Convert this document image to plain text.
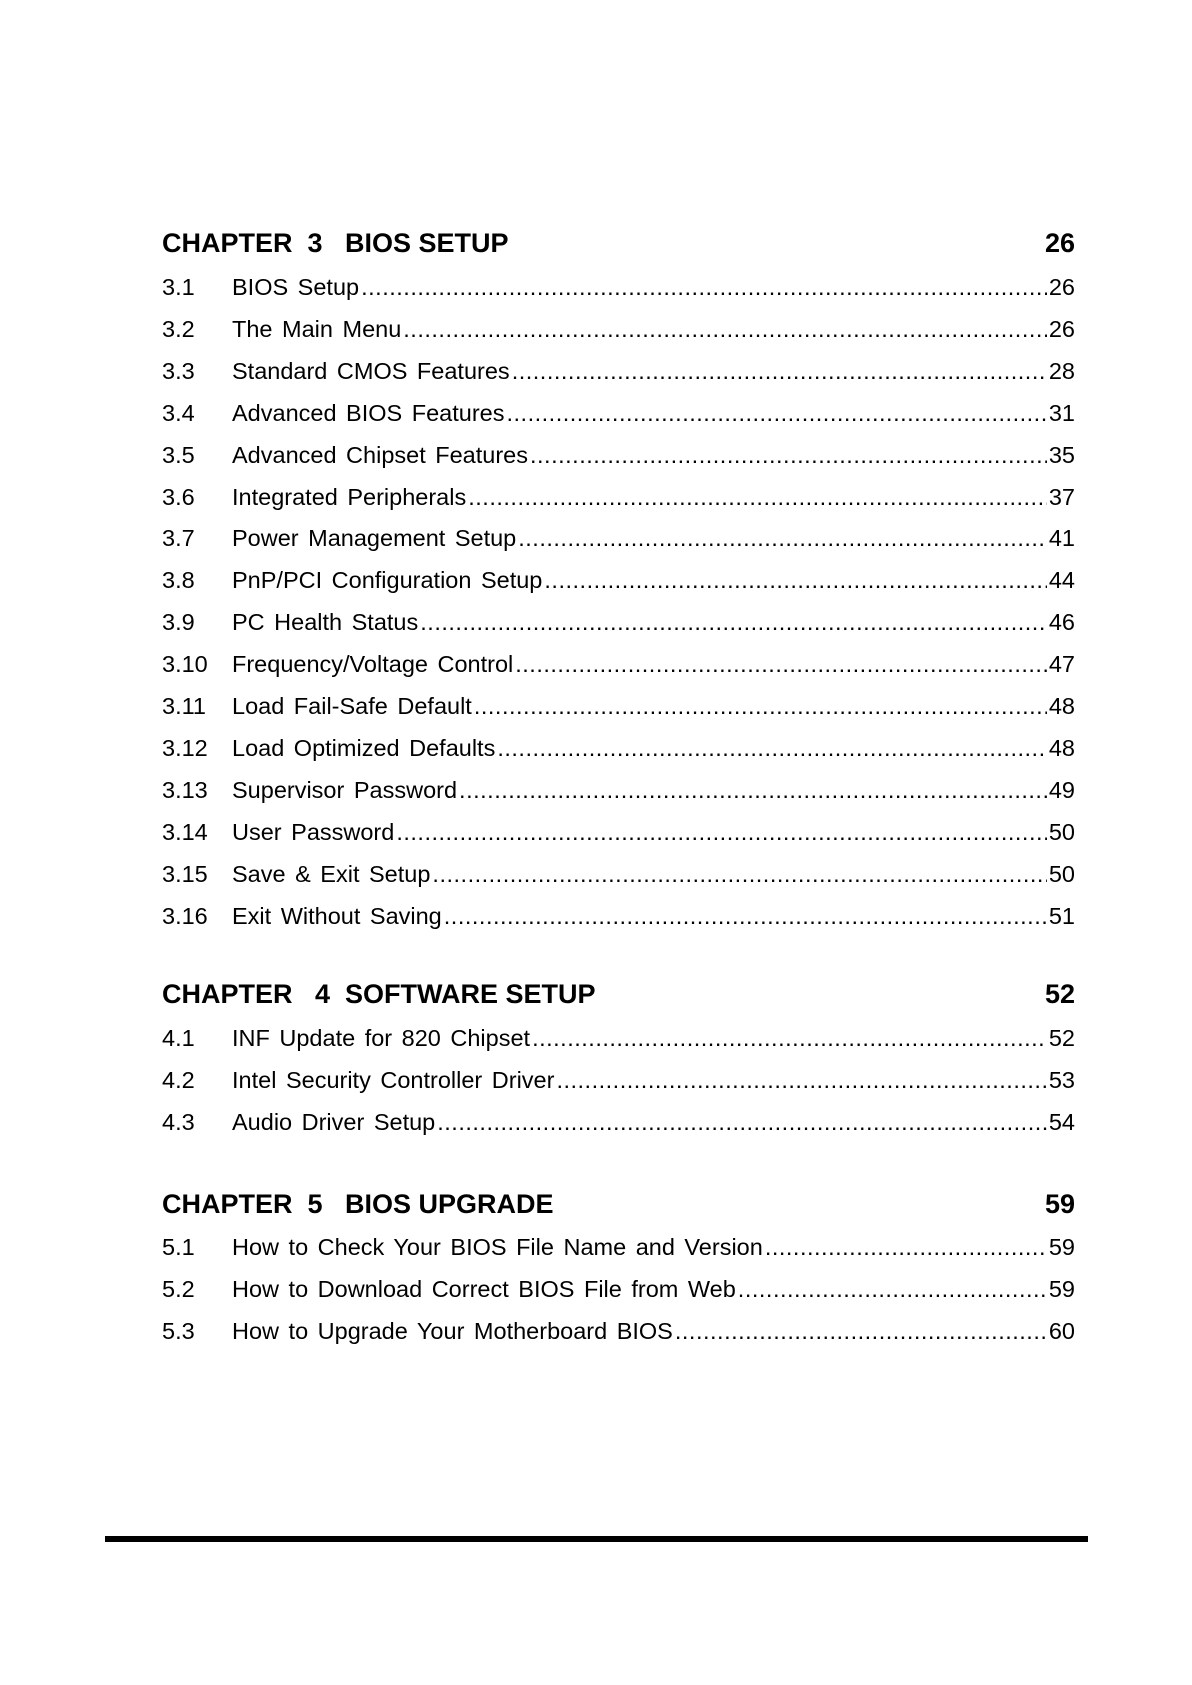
CHAPTER  3   BIOS SETUP	26
3.1	BIOS Setup .....	26
3.2	The Main Menu .....	26
3.3	Standard CMOS Features .....	28
3.4	Advanced BIOS Features .....	31
3.5	Advanced Chipset Features .....	35
3.6	Integrated Peripherals .....	37
3.7	Power Management Setup .....	41
3.8	PnP/PCI Configuration Setup .....	44
3.9	PC Health Status .....	46
3.10	Frequency/Voltage Control .....	47
3.11	Load Fail-Safe Default .....	48
3.12	Load Optimized Defaults .....	48
3.13	Supervisor Password .....	49
3.14	User Password .....	50
3.15	Save & Exit Setup .....	50
3.16	Exit Without Saving .....	51
CHAPTER   4  SOFTWARE SETUP	52
4.1	INF Update for 820 Chipset .....	52
4.2	Intel Security Controller Driver .....	53
4.3	Audio Driver Setup .....	54
CHAPTER  5   BIOS UPGRADE	59
5.1	How to Check Your BIOS File Name and Version .....	59
5.2	How to Download Correct BIOS File from Web .....	59
5.3	How to Upgrade Your Motherboard BIOS .....	60
